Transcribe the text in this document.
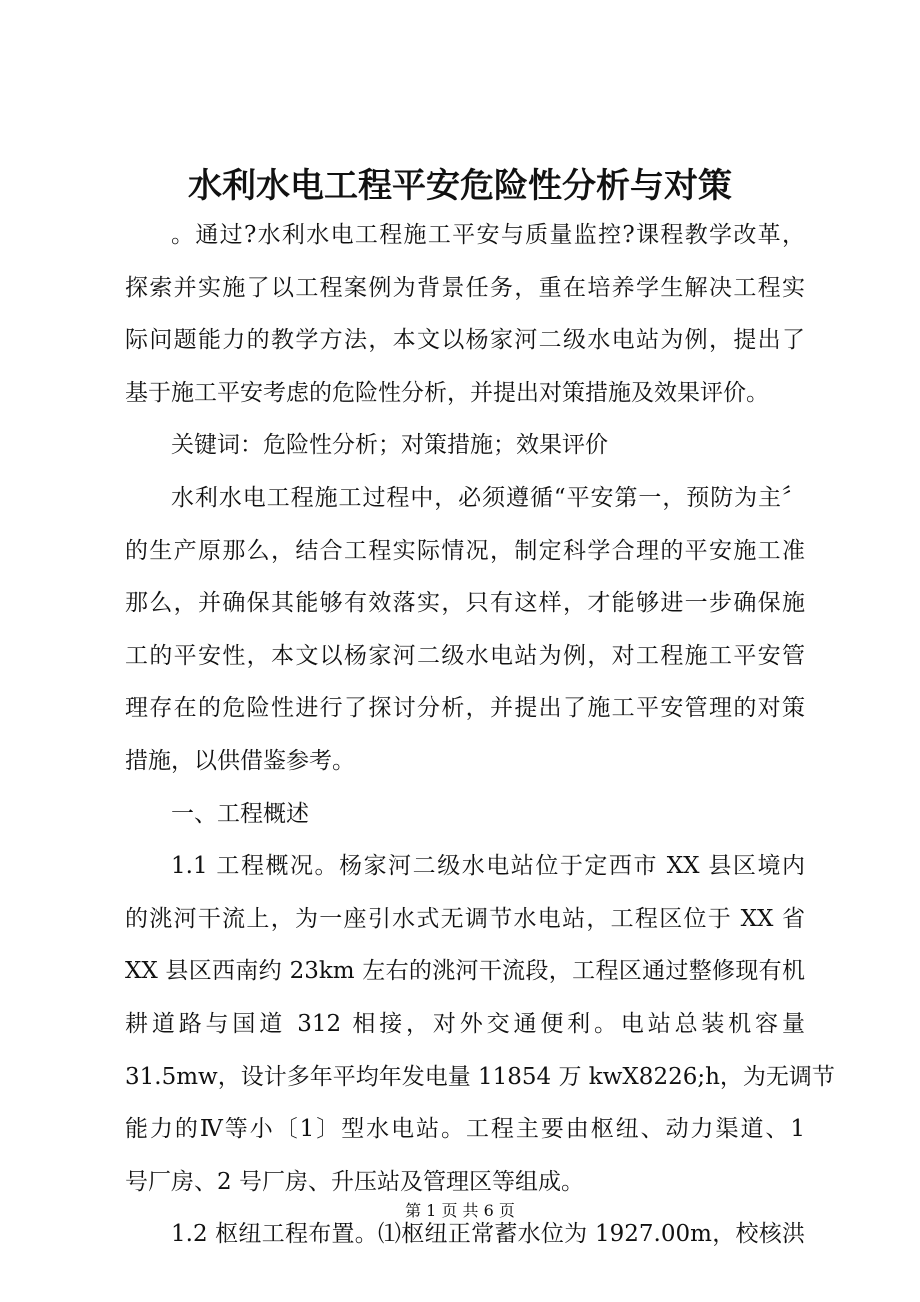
水利水电工程平安危险性分析与对策
。通过?水利水电工程施工平安与质量监控?课程教学改革，
探索并实施了以工程案例为背景任务，重在培养学生解决工程实
际问题能力的教学方法，本文以杨家河二级水电站为例，提出了
基于施工平安考虑的危险性分析，并提出对策措施及效果评价。
关键词：危险性分析；对策措施；效果评价
水利水电工程施工过程中，必须遵循“平安第一，预防为主〞
的生产原那么，结合工程实际情况，制定科学合理的平安施工准
那么，并确保其能够有效落实，只有这样，才能够进一步确保施
工的平安性，本文以杨家河二级水电站为例，对工程施工平安管
理存在的危险性进行了探讨分析，并提出了施工平安管理的对策
措施，以供借鉴参考。
一、工程概述
1.1 工程概况。杨家河二级水电站位于定西市 XX 县区境内
的洮河干流上，为一座引水式无调节水电站，工程区位于 XX 省
XX 县区西南约 23km 左右的洮河干流段，工程区通过整修现有机
耕道路与国道 312 相接，对外交通便利。电站总装机容量
31.5mw，设计多年平均年发电量 11854 万 kwX8226;h，为无调节
能力的Ⅳ等小〔1〕型水电站。工程主要由枢纽、动力渠道、1
号厂房、2 号厂房、升压站及管理区等组成。
1.2 枢纽工程布置。⑴枢纽正常蓄水位为 1927.00m，校核洪
第 1 页 共 6 页
